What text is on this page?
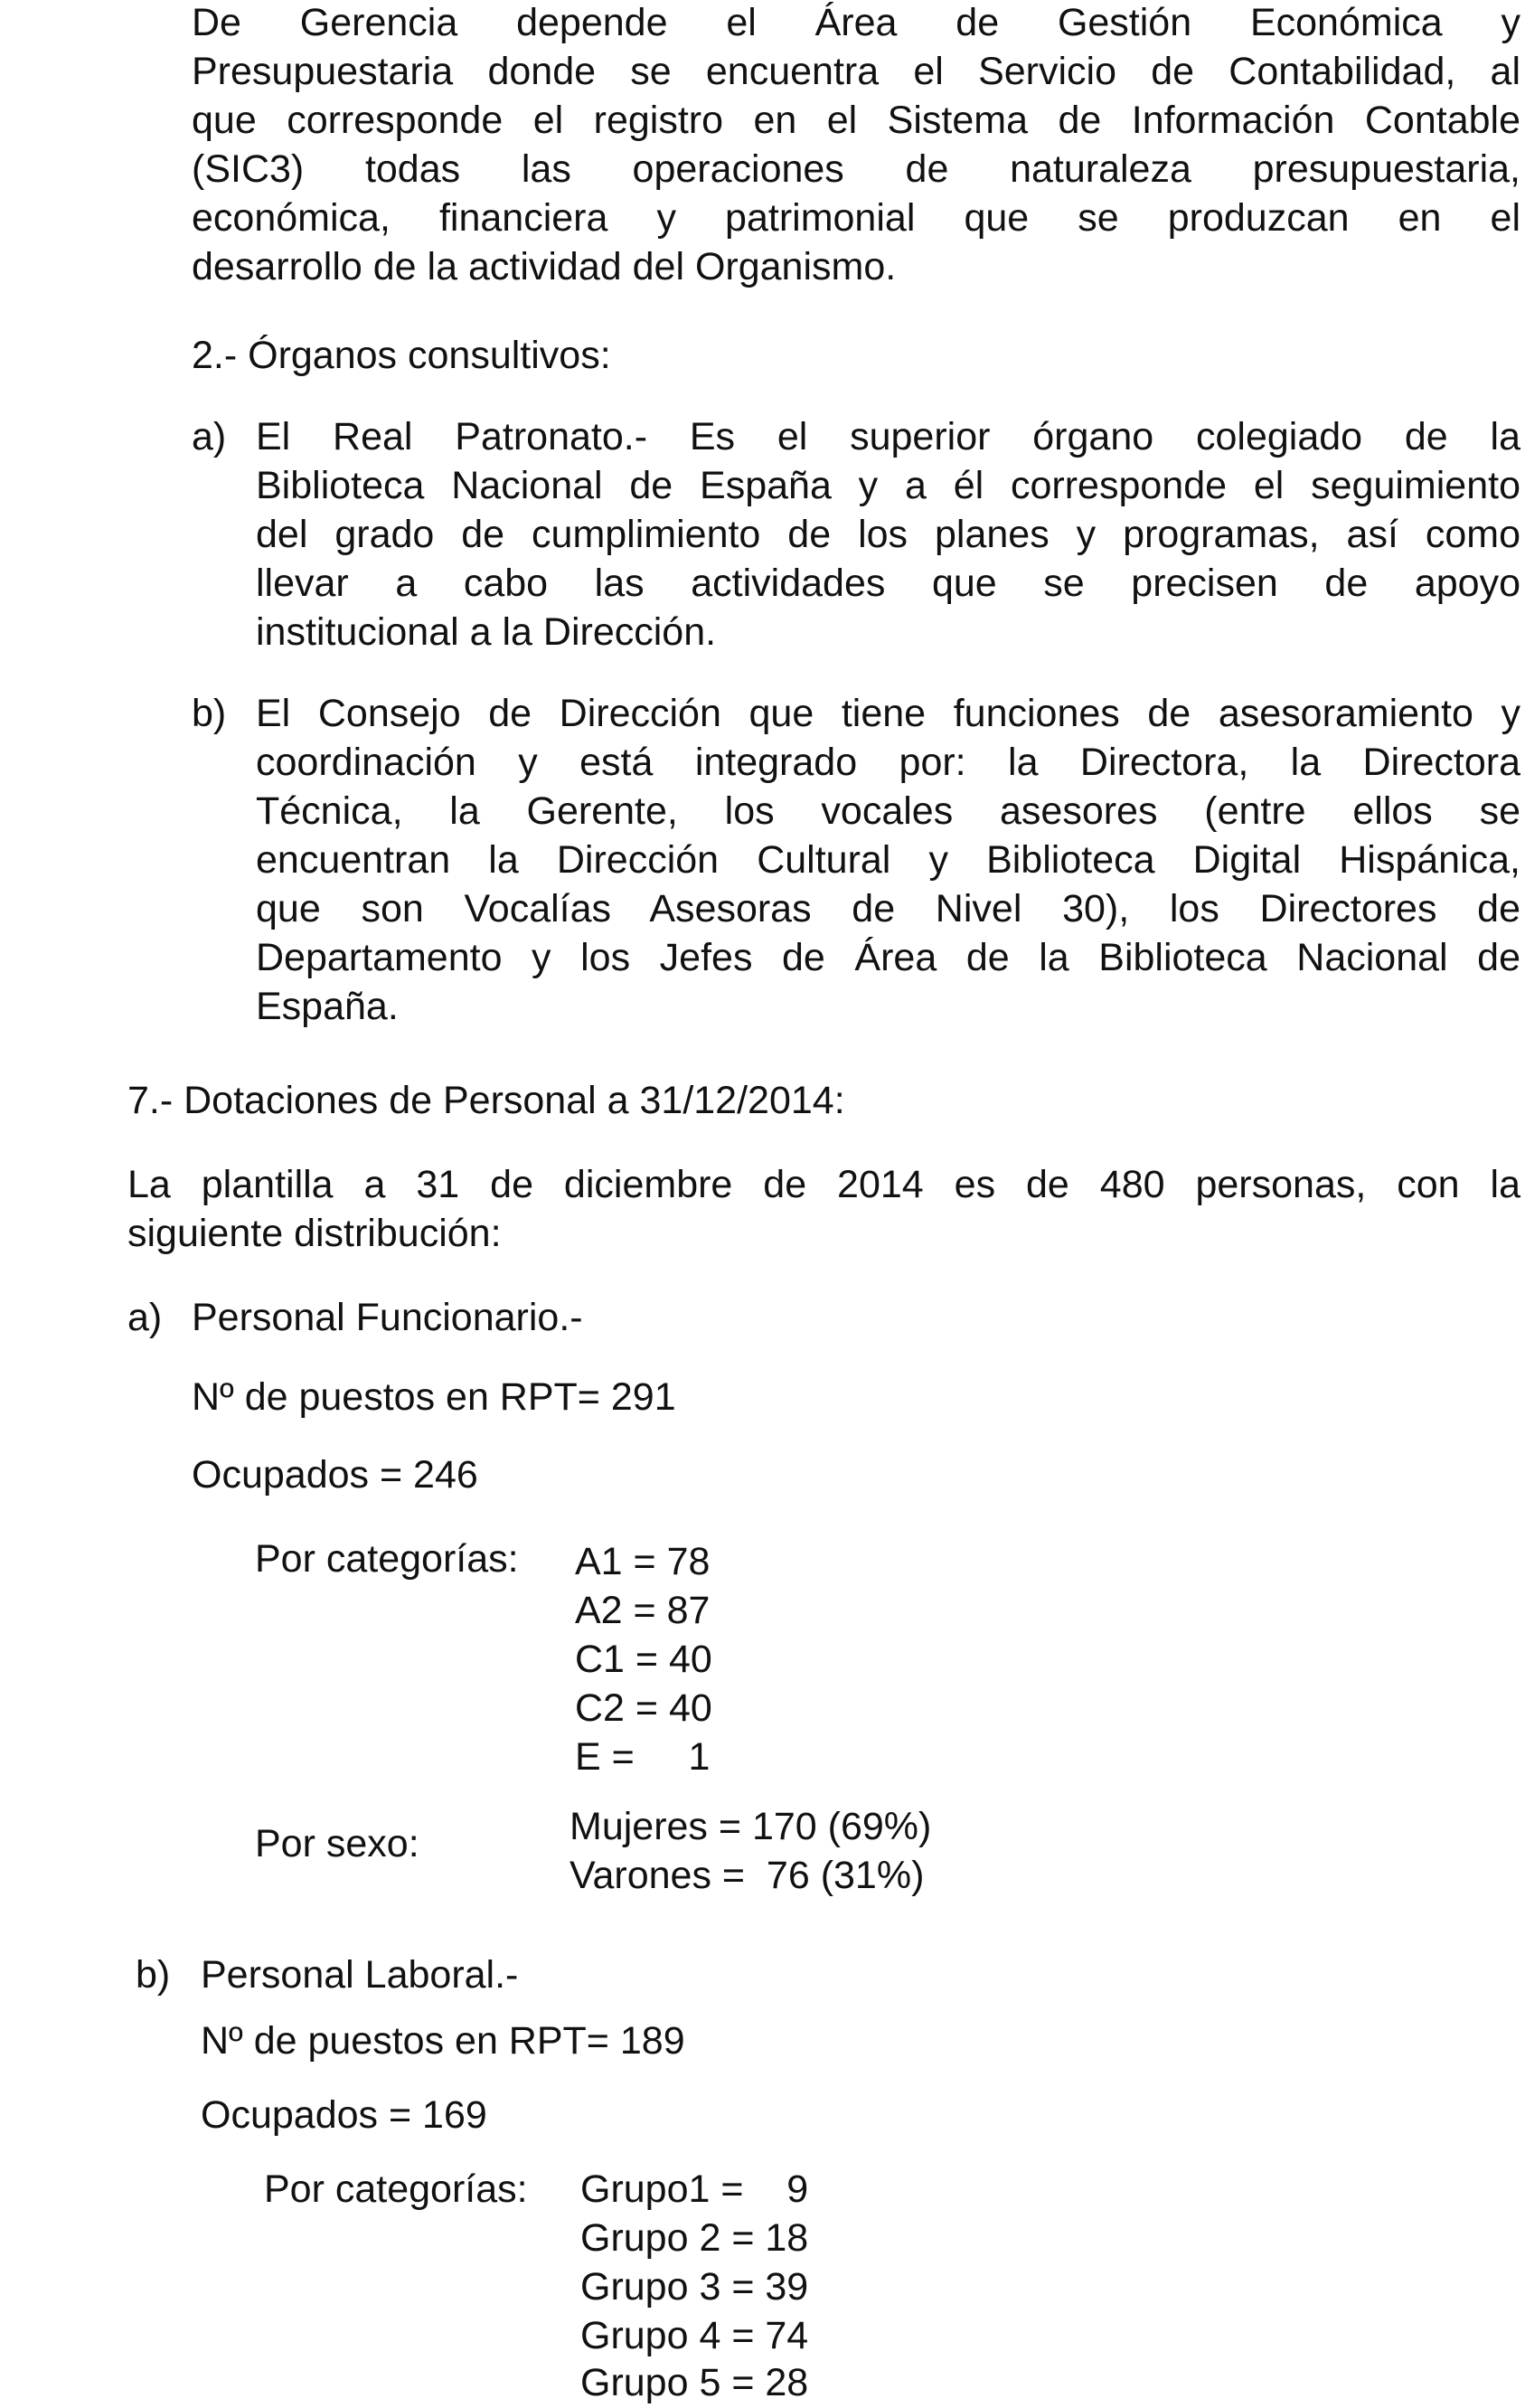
De Gerencia depende el Área de Gestión Económica y
Presupuestaria donde se encuentra el Servicio de Contabilidad, al
que corresponde el registro en el Sistema de Información Contable
(SIC3) todas las operaciones de naturaleza presupuestaria,
económica, financiera y patrimonial que se produzcan en el
desarrollo de la actividad del Organismo.
2.- Órganos consultivos:
a) El Real Patronato.- Es el superior órgano colegiado de la
Biblioteca Nacional de España y a él corresponde el seguimiento
del grado de cumplimiento de los planes y programas, así como
llevar a cabo las actividades que se precisen de apoyo
institucional a la Dirección.
b) El Consejo de Dirección que tiene funciones de asesoramiento y
coordinación y está integrado por: la Directora, la Directora
Técnica, la Gerente, los vocales asesores (entre ellos se
encuentran la Dirección Cultural y Biblioteca Digital Hispánica,
que son Vocalías Asesoras de Nivel 30), los Directores de
Departamento y los Jefes de Área de la Biblioteca Nacional de
España.
7.- Dotaciones de Personal a 31/12/2014:
La plantilla a 31 de diciembre de 2014 es de 480 personas, con la
siguiente distribución:
a) Personal Funcionario.-
Nº de puestos en RPT= 291
Ocupados = 246
Por categorías: A1 = 78
A2 = 87
C1 = 40
C2 = 40
E =     1
Por sexo:	Mujeres = 170 (69%)
Varones =  76 (31%)
b) Personal Laboral.-
Nº de puestos en RPT= 189
Ocupados = 169
Por categorías: Grupo1 =    9
Grupo 2 = 18
Grupo 3 = 39
Grupo 4 = 74
Grupo 5 = 28
